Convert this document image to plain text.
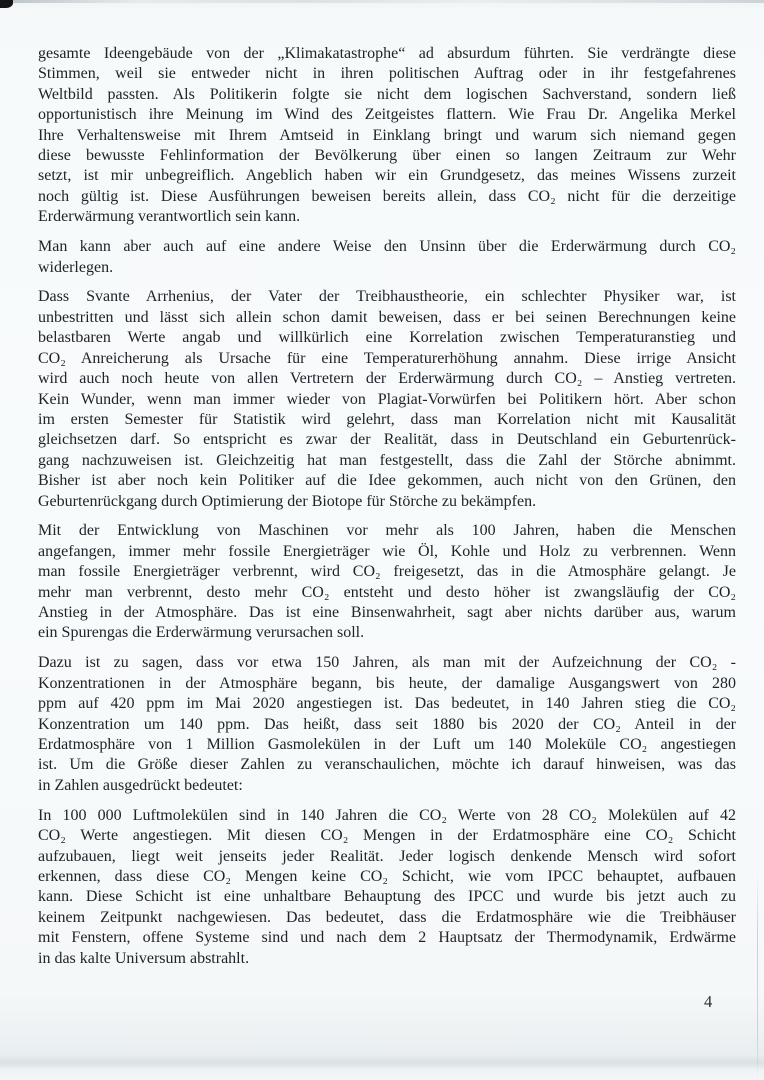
gesamte Ideengebäude von der „Klimakatastrophe“ ad absurdum führten. Sie verdrängte diese
Stimmen, weil sie entweder nicht in ihren politischen Auftrag oder in ihr festgefahrenes
Weltbild passten. Als Politikerin folgte sie nicht dem logischen Sachverstand, sondern ließ
opportunistisch ihre Meinung im Wind des Zeitgeistes flattern. Wie Frau Dr. Angelika Merkel
Ihre Verhaltensweise mit Ihrem Amtseid in Einklang bringt und warum sich niemand gegen
diese bewusste Fehlinformation der Bevölkerung über einen so langen Zeitraum zur Wehr
setzt, ist mir unbegreiflich. Angeblich haben wir ein Grundgesetz, das meines Wissens zurzeit
noch gültig ist. Diese Ausführungen beweisen bereits allein, dass CO₂ nicht für die derzeitige
Erderwärmung verantwortlich sein kann.
Man kann aber auch auf eine andere Weise den Unsinn über die Erderwärmung durch CO₂
widerlegen.
Dass Svante Arrhenius, der Vater der Treibhaustheorie, ein schlechter Physiker war, ist
unbestritten und lässt sich allein schon damit beweisen, dass er bei seinen Berechnungen keine
belastbaren Werte angab und willkürlich eine Korrelation zwischen Temperaturanstieg und
CO₂ Anreicherung als Ursache für eine Temperaturerhöhung annahm. Diese irrige Ansicht
wird auch noch heute von allen Vertretern der Erderwärmung durch CO₂ – Anstieg vertreten.
Kein Wunder, wenn man immer wieder von Plagiat-Vorwürfen bei Politikern hört. Aber schon
im ersten Semester für Statistik wird gelehrt, dass man Korrelation nicht mit Kausalität
gleichsetzen darf. So entspricht es zwar der Realität, dass in Deutschland ein Geburtenrück-
gang nachzuweisen ist. Gleichzeitig hat man festgestellt, dass die Zahl der Störche abnimmt.
Bisher ist aber noch kein Politiker auf die Idee gekommen, auch nicht von den Grünen, den
Geburtenrückgang durch Optimierung der Biotope für Störche zu bekämpfen.
Mit der Entwicklung von Maschinen vor mehr als 100 Jahren, haben die Menschen
angefangen, immer mehr fossile Energieträger wie Öl, Kohle und Holz zu verbrennen. Wenn
man fossile Energieträger verbrennt, wird CO₂ freigesetzt, das in die Atmosphäre gelangt. Je
mehr man verbrennt, desto mehr CO₂ entsteht und desto höher ist zwangsläufig der CO₂
Anstieg in der Atmosphäre. Das ist eine Binsenwahrheit, sagt aber nichts darüber aus, warum
ein Spurengas die Erderwärmung verursachen soll.
Dazu ist zu sagen, dass vor etwa 150 Jahren, als man mit der Aufzeichnung der CO₂ -
Konzentrationen in der Atmosphäre begann, bis heute, der damalige Ausgangswert von 280
ppm auf 420 ppm im Mai 2020 angestiegen ist. Das bedeutet, in 140 Jahren stieg die CO₂
Konzentration um 140 ppm. Das heißt, dass seit 1880 bis 2020 der CO₂ Anteil in der
Erdatmosphäre von 1 Million Gasmolekülen in der Luft um 140 Moleküle CO₂ angestiegen
ist. Um die Größe dieser Zahlen zu veranschaulichen, möchte ich darauf hinweisen, was das
in Zahlen ausgedrückt bedeutet:
In 100 000 Luftmolekülen sind in 140 Jahren die CO₂ Werte von 28 CO₂ Molekülen auf 42
CO₂ Werte angestiegen. Mit diesen CO₂ Mengen in der Erdatmosphäre eine CO₂ Schicht
aufzubauen, liegt weit jenseits jeder Realität. Jeder logisch denkende Mensch wird sofort
erkennen, dass diese CO₂ Mengen keine CO₂ Schicht, wie vom IPCC behauptet, aufbauen
kann. Diese Schicht ist eine unhaltbare Behauptung des IPCC und wurde bis jetzt auch zu
keinem Zeitpunkt nachgewiesen. Das bedeutet, dass die Erdatmosphäre wie die Treibhäuser
mit Fenstern, offene Systeme sind und nach dem 2 Hauptsatz der Thermodynamik, Erdwärme
in das kalte Universum abstrahlt.
4
